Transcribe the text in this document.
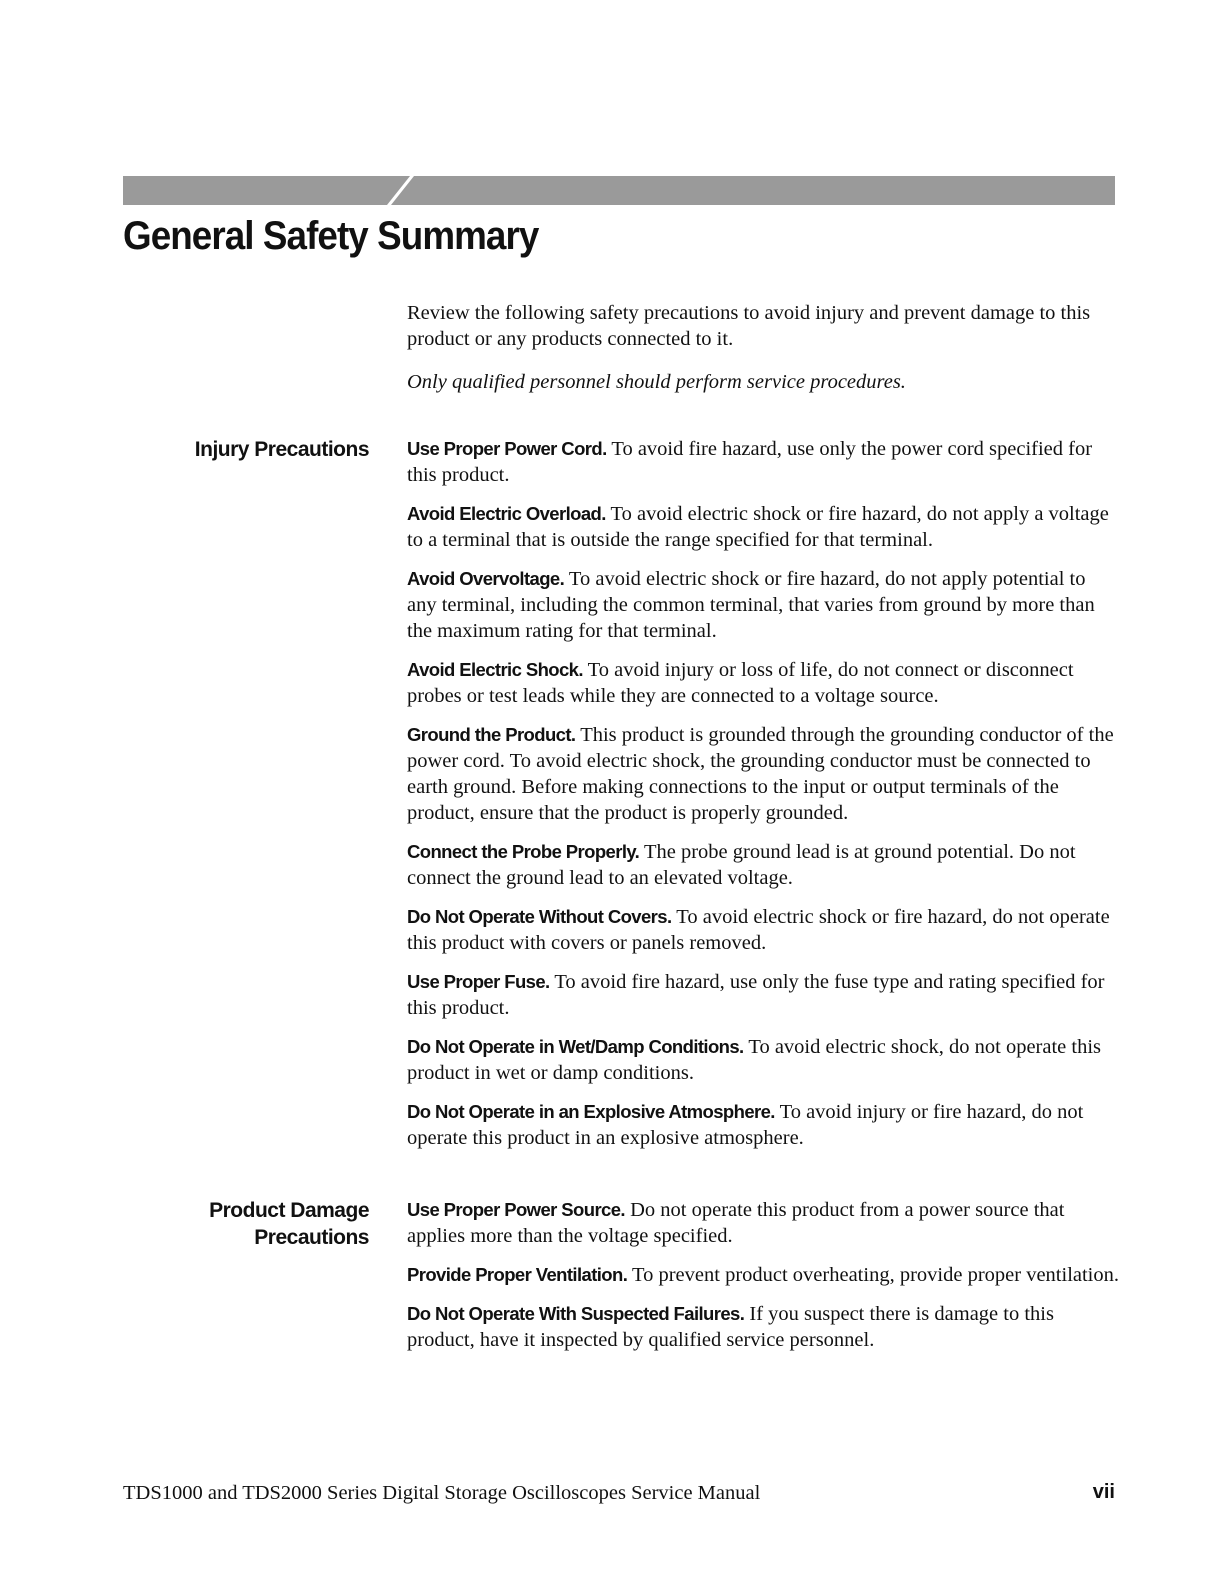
General Safety Summary

Review the following safety precautions to avoid injury and prevent damage to this product or any products connected to it.

Only qualified personnel should perform service procedures.

Injury Precautions Use Proper Power Cord. To avoid fire hazard, use only the power cord specified for this product.

Avoid Electric Overload. To avoid electric shock or fire hazard, do not apply a voltage to a terminal that is outside the range specified for that terminal.

Avoid Overvoltage. To avoid electric shock or fire hazard, do not apply potential to any terminal, including the common terminal, that varies from ground by more than the maximum rating for that terminal.

Avoid Electric Shock. To avoid injury or loss of life, do not connect or disconnect probes or test leads while they are connected to a voltage source.

Ground the Product. This product is grounded through the grounding conductor of the power cord. To avoid electric shock, the grounding conductor must be connected to earth ground. Before making connections to the input or output terminals of the product, ensure that the product is properly grounded.

Connect the Probe Properly. The probe ground lead is at ground potential. Do not connect the ground lead to an elevated voltage.

Do Not Operate Without Covers. To avoid electric shock or fire hazard, do not operate this product with covers or panels removed.

Use Proper Fuse. To avoid fire hazard, use only the fuse type and rating specified for this product.

Do Not Operate in Wet/Damp Conditions. To avoid electric shock, do not operate this product in wet or damp conditions.

Do Not Operate in an Explosive Atmosphere. To avoid injury or fire hazard, do not operate this product in an explosive atmosphere.

Product Damage
Precautions

Use Proper Power Source. Do not operate this product from a power source that applies more than the voltage specified.

Provide Proper Ventilation. To prevent product overheating, provide proper ventilation.

Do Not Operate With Suspected Failures. If you suspect there is damage to this product, have it inspected by qualified service personnel.

TDS1000 and TDS2000 Series Digital Storage Oscilloscopes Service Manual	vii
